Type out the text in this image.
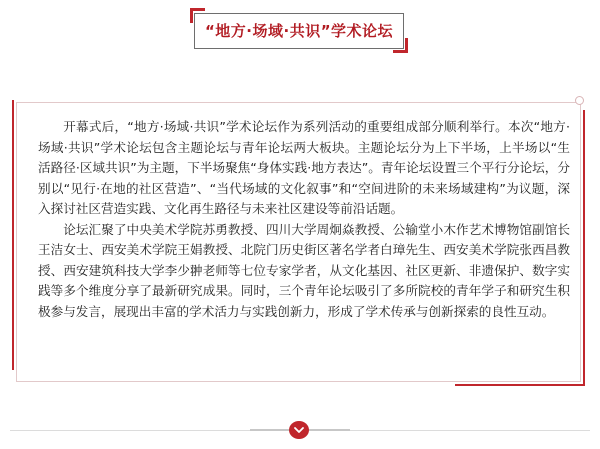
“地方·场域·共识”学术论坛

开幕式后，“地方·场域·共识”学术论坛作为系列活动的重要组成部分顺利举行。本次“地方·场域·共识”学术论坛包含主题论坛与青年论坛两大板块。主题论坛分为上下半场，上半场以“生活路径·区域共识”为主题，下半场聚焦“身体实践·地方表达”。青年论坛设置三个平行分论坛，分别以“见行·在地的社区营造”、“当代场域的文化叙事”和“空间进阶的未来场域建构”为议题，深入探讨社区营造实践、文化再生路径与未来社区建设等前沿话题。

论坛汇聚了中央美术学院苏勇教授、四川大学周炯焱教授、公输堂小木作艺术博物馆副馆长王洁女士、西安美术学院王娟教授、北院门历史街区著名学者白璋先生、西安美术学院张西昌教授、西安建筑科技大学李少翀老师等七位专家学者，从文化基因、社区更新、非遗保护、数字实践等多个维度分享了最新研究成果。同时，三个青年论坛吸引了多所院校的青年学子和研究生积极参与发言，展现出丰富的学术活力与实践创新力，形成了学术传承与创新探索的良性互动。
